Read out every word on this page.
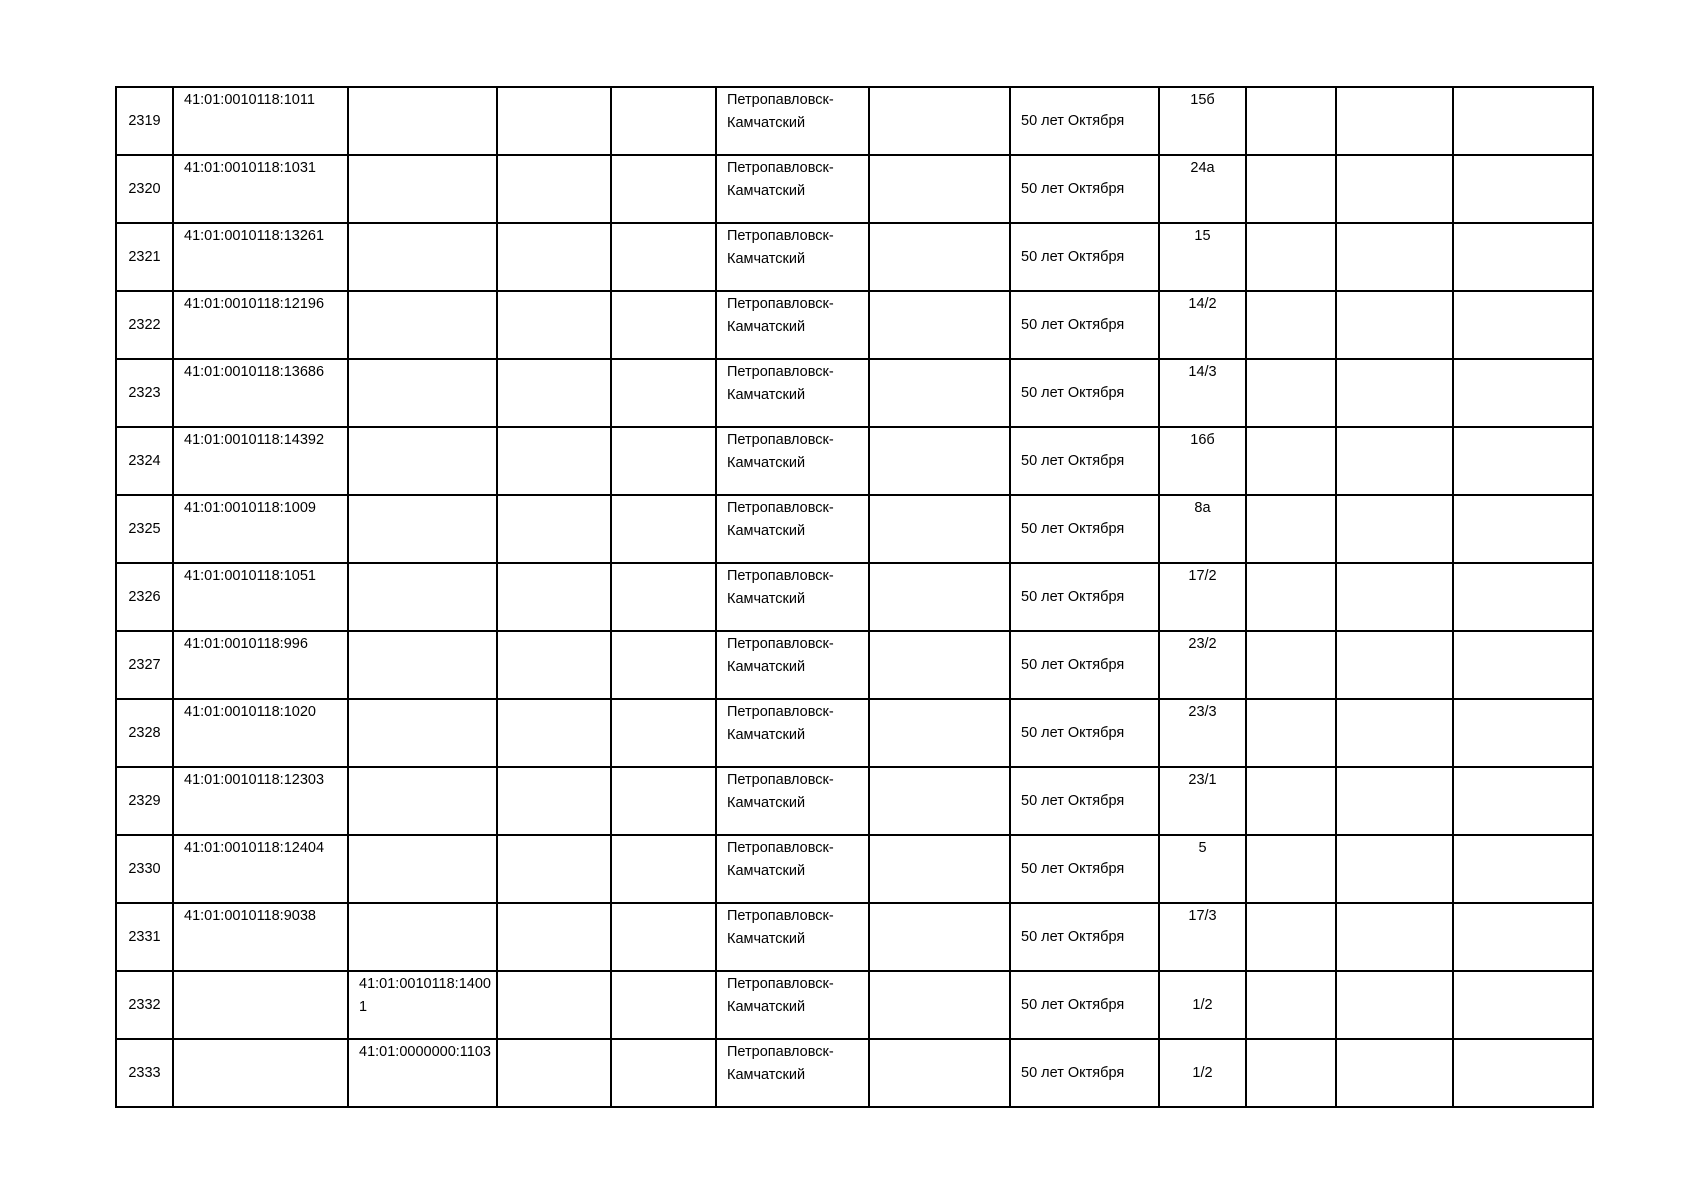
2319	41:01:0010118:1011				Петропавловск-Камчатский		50 лет Октября	15б			
2320	41:01:0010118:1031				Петропавловск-Камчатский		50 лет Октября	24а			
2321	41:01:0010118:13261				Петропавловск-Камчатский		50 лет Октября	15			
2322	41:01:0010118:12196				Петропавловск-Камчатский		50 лет Октября	14/2			
2323	41:01:0010118:13686				Петропавловск-Камчатский		50 лет Октября	14/3			
2324	41:01:0010118:14392				Петропавловск-Камчатский		50 лет Октября	16б			
2325	41:01:0010118:1009				Петропавловск-Камчатский		50 лет Октября	8а			
2326	41:01:0010118:1051				Петропавловск-Камчатский		50 лет Октября	17/2			
2327	41:01:0010118:996				Петропавловск-Камчатский		50 лет Октября	23/2			
2328	41:01:0010118:1020				Петропавловск-Камчатский		50 лет Октября	23/3			
2329	41:01:0010118:12303				Петропавловск-Камчатский		50 лет Октября	23/1			
2330	41:01:0010118:12404				Петропавловск-Камчатский		50 лет Октября	5			
2331	41:01:0010118:9038				Петропавловск-Камчатский		50 лет Октября	17/3			
2332		41:01:0010118:14001			Петропавловск-Камчатский		50 лет Октября	1/2			
2333		41:01:0000000:1103			Петропавловск-Камчатский		50 лет Октября	1/2			
